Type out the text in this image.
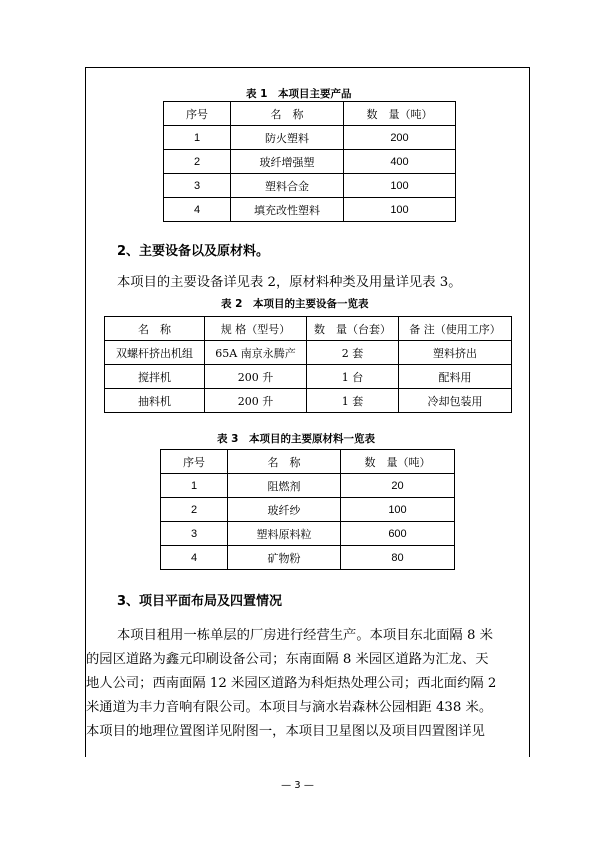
表 1　本项目主要产品
序号	名　称	数　量（吨）
1	防火塑料	200
2	玻纤增强塑	400
3	塑料合金	100
4	填充改性塑料	100
2、主要设备以及原材料。
本项目的主要设备详见表 2，原材料种类及用量详见表 3。
表 2　本项目的主要设备一览表
名　称	规 格（型号）	数　量（台套）	备 注（使用工序）
双螺杆挤出机组	65A 南京永腾产	2 套	塑料挤出
搅拌机	200 升	1 台	配料用
抽料机	200 升	1 套	冷却包装用
表 3　本项目的主要原材料一览表
序号	名　称	数　量（吨）
1	阻燃剂	20
2	玻纤纱	100
3	塑料原料粒	600
4	矿物粉	80
3、项目平面布局及四置情况
本项目租用一栋单层的厂房进行经营生产。本项目东北面隔 8 米
的园区道路为鑫元印刷设备公司；东南面隔 8 米园区道路为汇龙、天
地人公司；西南面隔 12 米园区道路为科炬热处理公司；西北面约隔 2
米通道为丰力音响有限公司。本项目与滴水岩森林公园相距 438 米。
本项目的地理位置图详见附图一，本项目卫星图以及项目四置图详见
— 3 —
